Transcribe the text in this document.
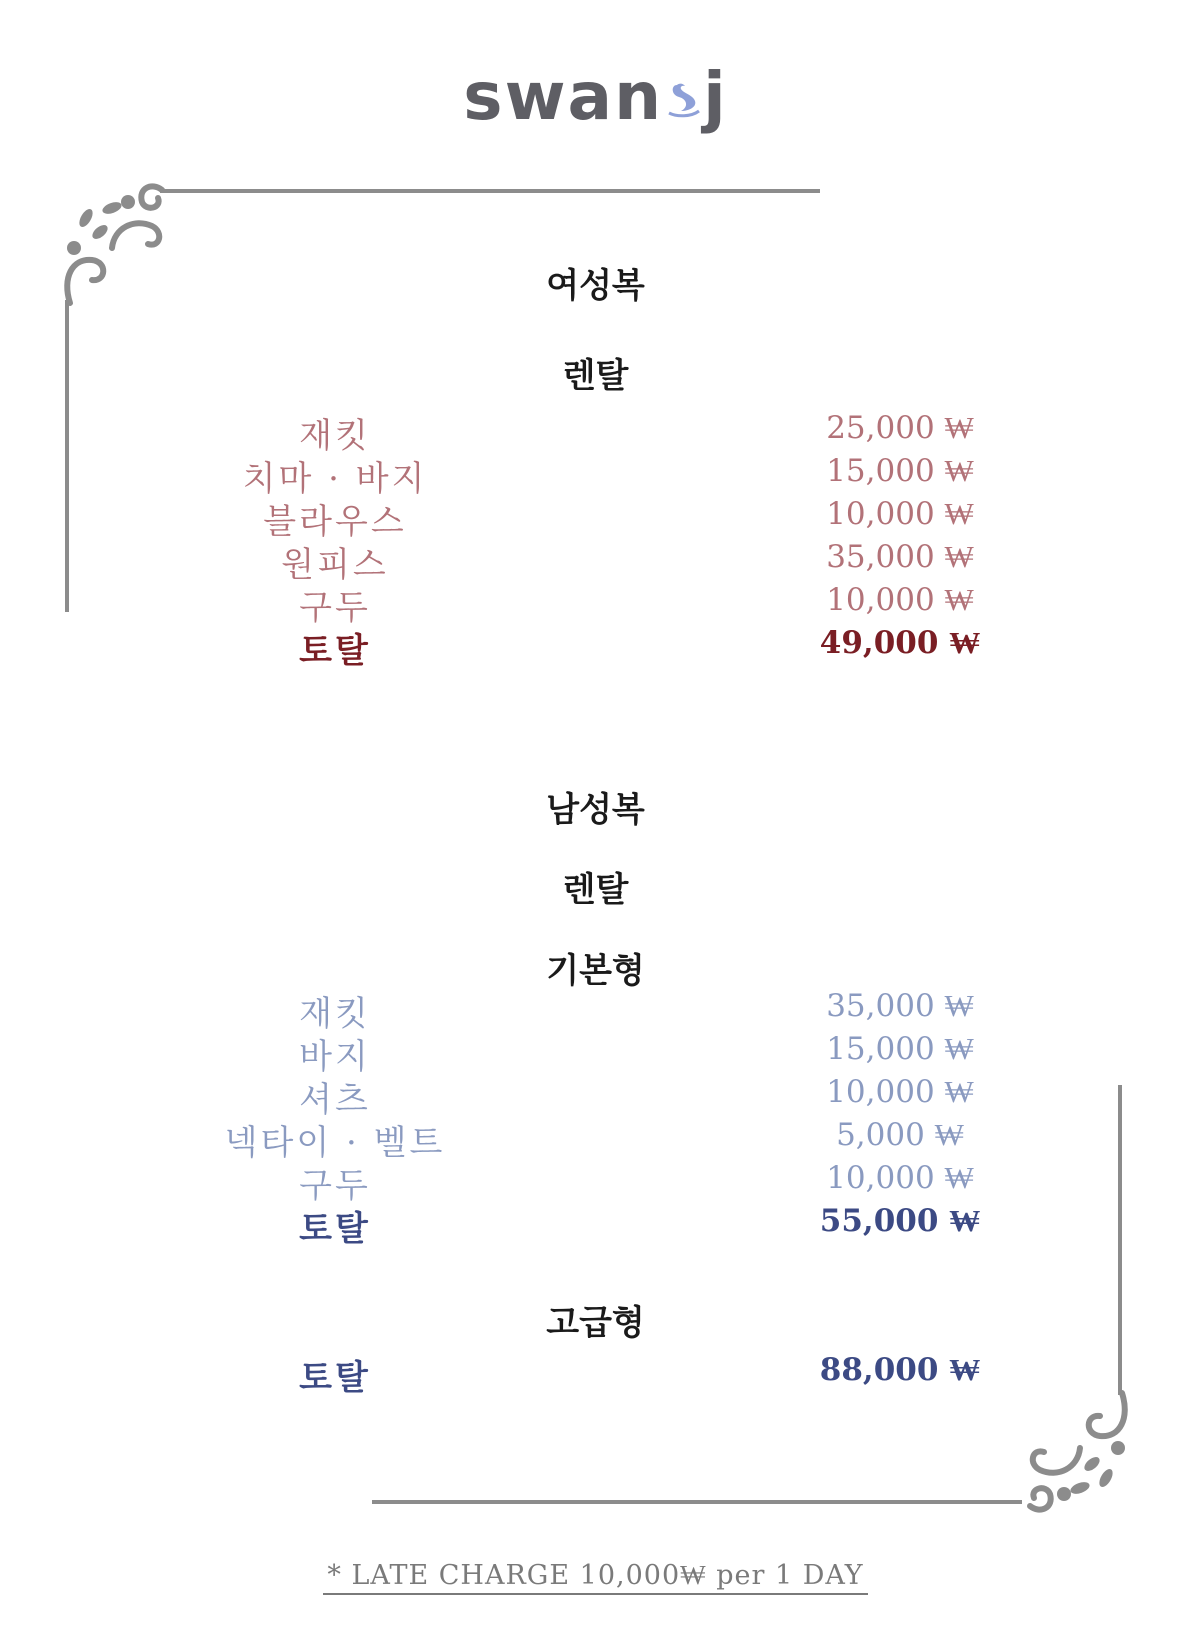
swan j
여성복
렌탈
재킷	25,000 ₩
치마 · 바지	15,000 ₩
블라우스	10,000 ₩
원피스	35,000 ₩
구두	10,000 ₩
토탈	49,000 ₩
남성복
렌탈
기본형
재킷	35,000 ₩
바지	15,000 ₩
셔츠	10,000 ₩
넥타이 · 벨트	5,000 ₩
구두	10,000 ₩
토탈	55,000 ₩
고급형
토탈	88,000 ₩
* LATE CHARGE 10,000₩ per 1 DAY
